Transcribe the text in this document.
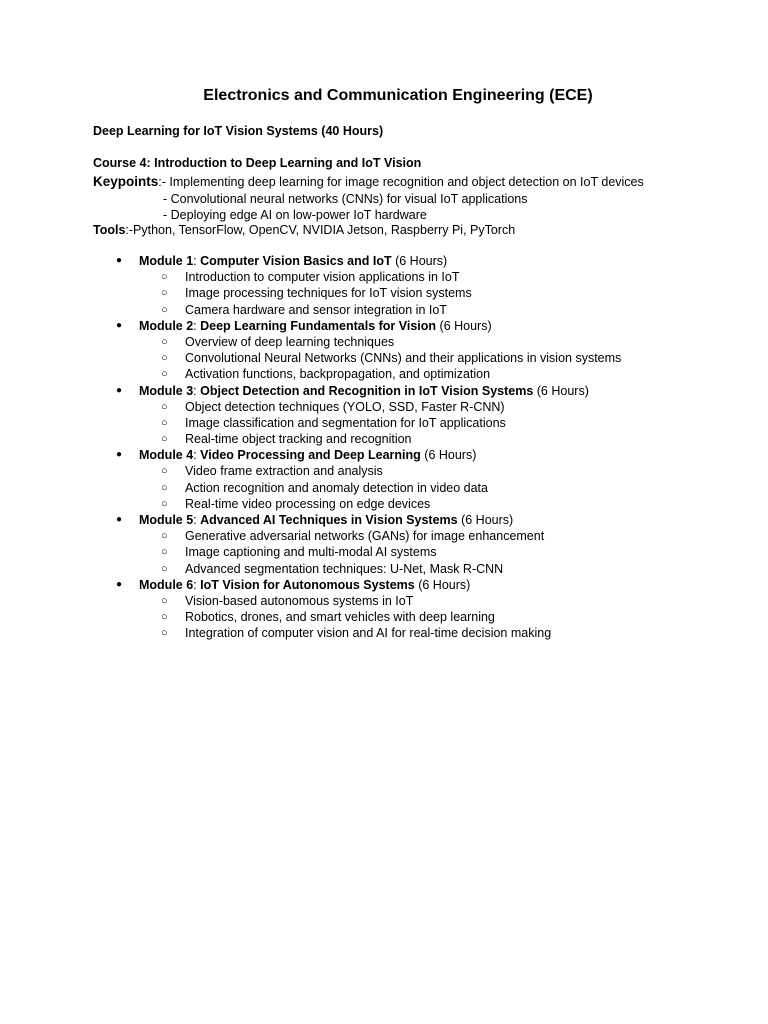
Electronics and Communication Engineering (ECE)
Deep Learning for IoT Vision Systems (40 Hours)
Course 4: Introduction to Deep Learning and IoT Vision
Keypoints:- Implementing deep learning for image recognition and object detection on IoT devices
- Convolutional neural networks (CNNs) for visual IoT applications
- Deploying edge AI on low-power IoT hardware
Tools:-Python, TensorFlow, OpenCV, NVIDIA Jetson, Raspberry Pi, PyTorch
● Module 1: Computer Vision Basics and IoT (6 Hours)
○ Introduction to computer vision applications in IoT
○ Image processing techniques for IoT vision systems
○ Camera hardware and sensor integration in IoT
● Module 2: Deep Learning Fundamentals for Vision (6 Hours)
○ Overview of deep learning techniques
○ Convolutional Neural Networks (CNNs) and their applications in vision systems
○ Activation functions, backpropagation, and optimization
● Module 3: Object Detection and Recognition in IoT Vision Systems (6 Hours)
○ Object detection techniques (YOLO, SSD, Faster R-CNN)
○ Image classification and segmentation for IoT applications
○ Real-time object tracking and recognition
● Module 4: Video Processing and Deep Learning (6 Hours)
○ Video frame extraction and analysis
○ Action recognition and anomaly detection in video data
○ Real-time video processing on edge devices
● Module 5: Advanced AI Techniques in Vision Systems (6 Hours)
○ Generative adversarial networks (GANs) for image enhancement
○ Image captioning and multi-modal AI systems
○ Advanced segmentation techniques: U-Net, Mask R-CNN
● Module 6: IoT Vision for Autonomous Systems (6 Hours)
○ Vision-based autonomous systems in IoT
○ Robotics, drones, and smart vehicles with deep learning
○ Integration of computer vision and AI for real-time decision making
